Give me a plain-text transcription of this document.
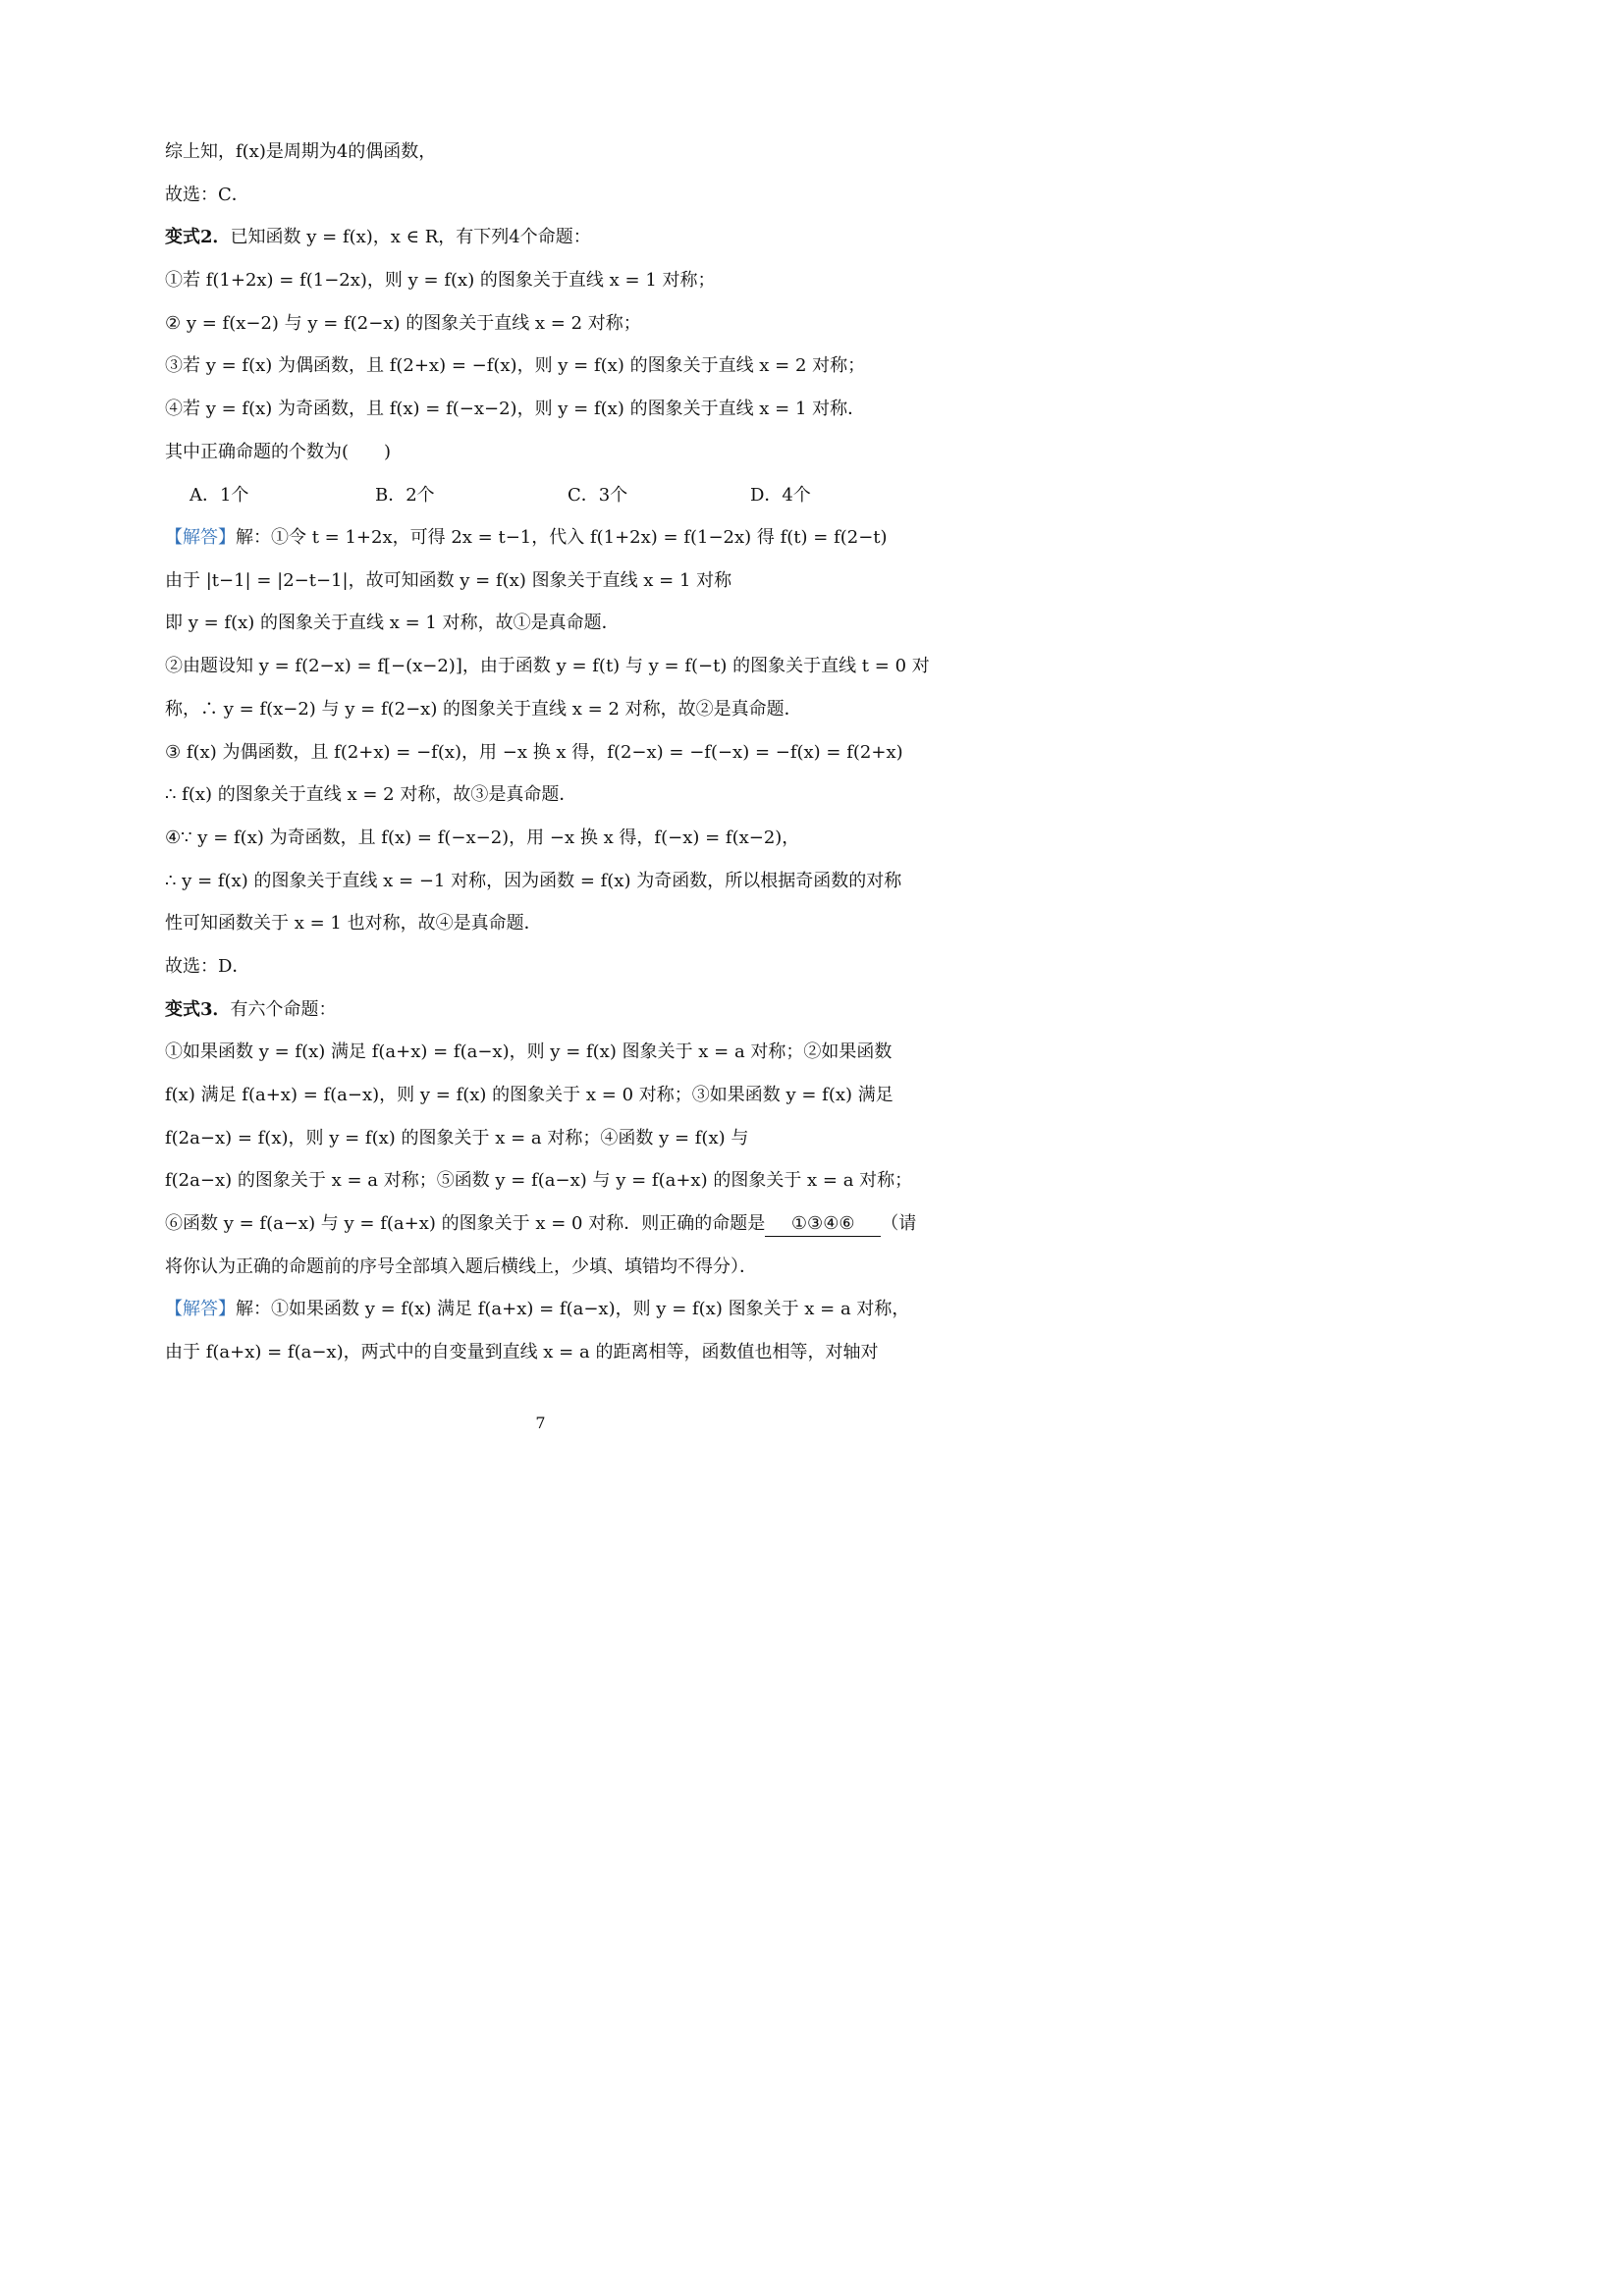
综上知，f(x)是周期为4的偶函数，
故选：C．
变式2．已知函数 y = f(x)，x ∈ R，有下列4个命题：
①若 f(1+2x) = f(1−2x)，则 y = f(x) 的图象关于直线 x = 1 对称；
② y = f(x−2) 与 y = f(2−x) 的图象关于直线 x = 2 对称；
③若 y = f(x) 为偶函数，且 f(2+x) = −f(x)，则 y = f(x) 的图象关于直线 x = 2 对称；
④若 y = f(x) 为奇函数，且 f(x) = f(−x−2)，则 y = f(x) 的图象关于直线 x = 1 对称．
其中正确命题的个数为(　　)
A．1个	B．2个	C．3个	D．4个
【解答】解：①令 t = 1+2x，可得 2x = t−1，代入 f(1+2x) = f(1−2x) 得 f(t) = f(2−t)
由于 |t−1| = |2−t−1|，故可知函数 y = f(x) 图象关于直线 x = 1 对称
即 y = f(x) 的图象关于直线 x = 1 对称，故①是真命题．
②由题设知 y = f(2−x) = f[−(x−2)]，由于函数 y = f(t) 与 y = f(−t) 的图象关于直线 t = 0 对
称，∴ y = f(x−2) 与 y = f(2−x) 的图象关于直线 x = 2 对称，故②是真命题．
③ f(x) 为偶函数，且 f(2+x) = −f(x)，用 −x 换 x 得，f(2−x) = −f(−x) = −f(x) = f(2+x)
∴ f(x) 的图象关于直线 x = 2 对称，故③是真命题．
④∵ y = f(x) 为奇函数，且 f(x) = f(−x−2)，用 −x 换 x 得，f(−x) = f(x−2)，
∴ y = f(x) 的图象关于直线 x = −1 对称，因为函数 = f(x) 为奇函数，所以根据奇函数的对称
性可知函数关于 x = 1 也对称，故④是真命题．
故选：D．
变式3．有六个命题：
①如果函数 y = f(x) 满足 f(a+x) = f(a−x)，则 y = f(x) 图象关于 x = a 对称；②如果函数
f(x) 满足 f(a+x) = f(a−x)，则 y = f(x) 的图象关于 x = 0 对称；③如果函数 y = f(x) 满足
f(2a−x) = f(x)，则 y = f(x) 的图象关于 x = a 对称；④函数 y = f(x) 与
f(2a−x) 的图象关于 x = a 对称；⑤函数 y = f(a−x) 与 y = f(a+x) 的图象关于 x = a 对称；
⑥函数 y = f(a−x) 与 y = f(a+x) 的图象关于 x = 0 对称．则正确的命题是 ①③④⑥ （请
将你认为正确的命题前的序号全部填入题后横线上，少填、填错均不得分）．
【解答】解：①如果函数 y = f(x) 满足 f(a+x) = f(a−x)，则 y = f(x) 图象关于 x = a 对称，
由于 f(a+x) = f(a−x)，两式中的自变量到直线 x = a 的距离相等，函数值也相等，对轴对
7
